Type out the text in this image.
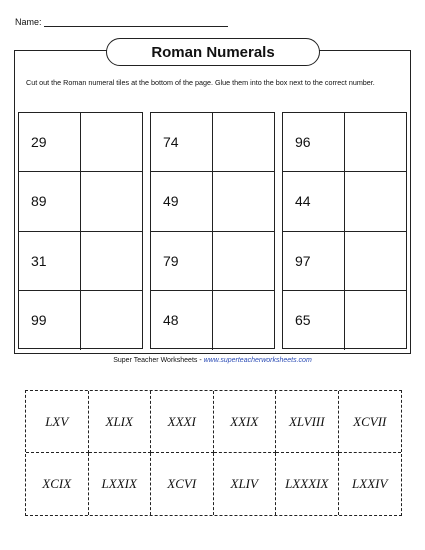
Name:
Roman Numerals
Cut out the Roman numeral tiles at the bottom of the page. Glue them into the box next to the correct number.
29
89
31
99
74
49
79
48
96
44
97
65
Super Teacher Worksheets - www.superteacherworksheets.com
LXV	XLIX	XXXI	XXIX	XLVIII	XCVII
XCIX	LXXIX	XCVI	XLIV	LXXXIX	LXXIV
